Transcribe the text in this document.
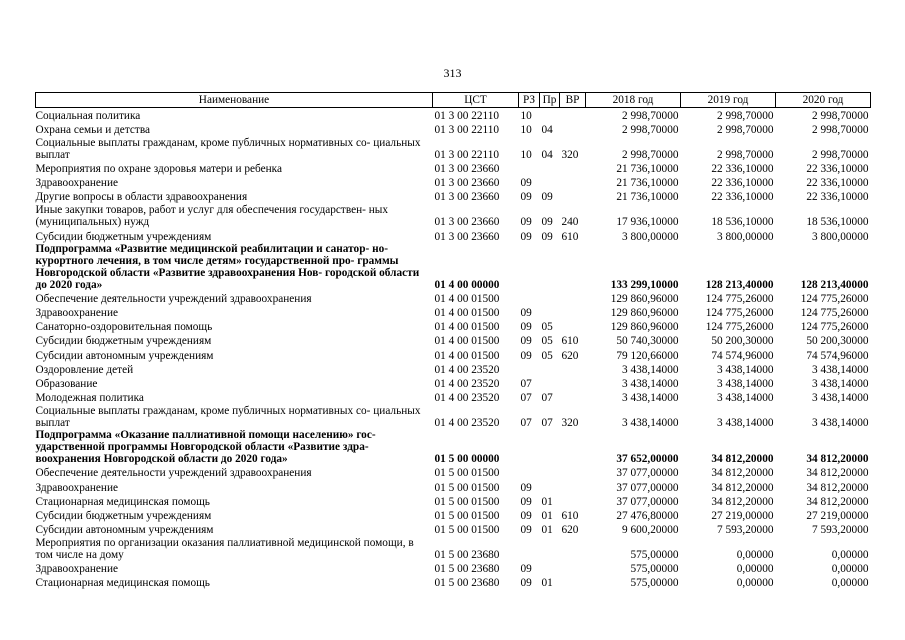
313
Наименование	ЦСТ	РЗ	Пр	ВР	2018 год	2019 год	2020 год
Социальная политика	01 3 00 22110	10			2 998,70000	2 998,70000	2 998,70000
Охрана семьи и детства	01 3 00 22110	10	04		2 998,70000	2 998,70000	2 998,70000
Социальные выплаты гражданам, кроме публичных нормативных со- циальных выплат	01 3 00 22110	10	04	320	2 998,70000	2 998,70000	2 998,70000
Мероприятия по охране здоровья матери и ребенка	01 3 00 23660				21 736,10000	22 336,10000	22 336,10000
Здравоохранение	01 3 00 23660	09			21 736,10000	22 336,10000	22 336,10000
Другие вопросы в области здравоохранения	01 3 00 23660	09	09		21 736,10000	22 336,10000	22 336,10000
Иные закупки товаров, работ и услуг для обеспечения государствен- ных (муниципальных) нужд	01 3 00 23660	09	09	240	17 936,10000	18 536,10000	18 536,10000
Субсидии бюджетным учреждениям	01 3 00 23660	09	09	610	3 800,00000	3 800,00000	3 800,00000
Подпрограмма «Развитие медицинской реабилитации и санатор- но-курортного лечения, в том числе детям» государственной про- граммы Новгородской области «Развитие здравоохранения Нов- городской области до 2020 года»	01 4 00 00000				133 299,10000	128 213,40000	128 213,40000
Обеспечение деятельности учреждений здравоохранения	01 4 00 01500				129 860,96000	124 775,26000	124 775,26000
Здравоохранение	01 4 00 01500	09			129 860,96000	124 775,26000	124 775,26000
Санаторно-оздоровительная помощь	01 4 00 01500	09	05		129 860,96000	124 775,26000	124 775,26000
Субсидии бюджетным учреждениям	01 4 00 01500	09	05	610	50 740,30000	50 200,30000	50 200,30000
Субсидии автономным учреждениям	01 4 00 01500	09	05	620	79 120,66000	74 574,96000	74 574,96000
Оздоровление детей	01 4 00 23520				3 438,14000	3 438,14000	3 438,14000
Образование	01 4 00 23520	07			3 438,14000	3 438,14000	3 438,14000
Молодежная политика	01 4 00 23520	07	07		3 438,14000	3 438,14000	3 438,14000
Социальные выплаты гражданам, кроме публичных нормативных со- циальных выплат	01 4 00 23520	07	07	320	3 438,14000	3 438,14000	3 438,14000
Подпрограмма «Оказание паллиативной помощи населению» гос- ударственной программы Новгородской области «Развитие здра- воохранения Новгородской области до 2020 года»	01 5 00 00000				37 652,00000	34 812,20000	34 812,20000
Обеспечение деятельности учреждений здравоохранения	01 5 00 01500				37 077,00000	34 812,20000	34 812,20000
Здравоохранение	01 5 00 01500	09			37 077,00000	34 812,20000	34 812,20000
Стационарная медицинская помощь	01 5 00 01500	09	01		37 077,00000	34 812,20000	34 812,20000
Субсидии бюджетным учреждениям	01 5 00 01500	09	01	610	27 476,80000	27 219,00000	27 219,00000
Субсидии автономным учреждениям	01 5 00 01500	09	01	620	9 600,20000	7 593,20000	7 593,20000
Мероприятия по организации оказания паллиативной медицинской помощи, в том числе на дому	01 5 00 23680				575,00000	0,00000	0,00000
Здравоохранение	01 5 00 23680	09			575,00000	0,00000	0,00000
Стационарная медицинская помощь	01 5 00 23680	09	01		575,00000	0,00000	0,00000
